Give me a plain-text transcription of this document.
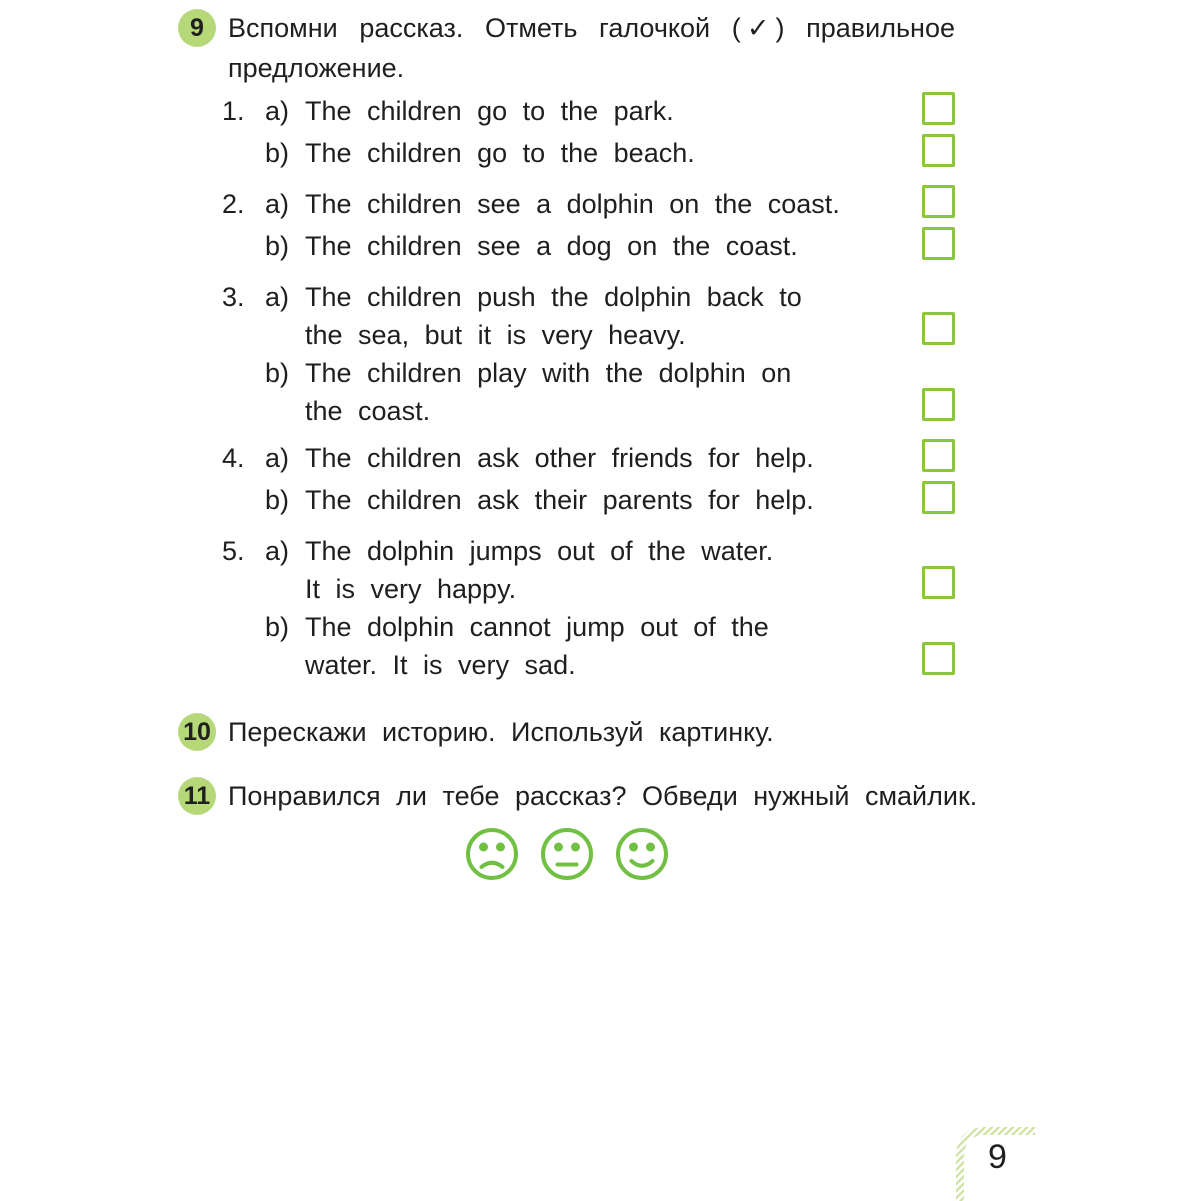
9 Вспомни рассказ. Отметь галочкой (✓) правильное предложение.
1. a) The children go to the park.
b) The children go to the beach.
2. a) The children see a dolphin on the coast.
b) The children see a dog on the coast.
3. a) The children push the dolphin back to
the sea, but it is very heavy.
b) The children play with the dolphin on
the coast.
4. a) The children ask other friends for help.
b) The children ask their parents for help.
5. a) The dolphin jumps out of the water.
It is very happy.
b) The dolphin cannot jump out of the
water. It is very sad.
10 Перескажи историю. Используй картинку.
11 Понравился ли тебе рассказ? Обведи нужный смайлик.
9
